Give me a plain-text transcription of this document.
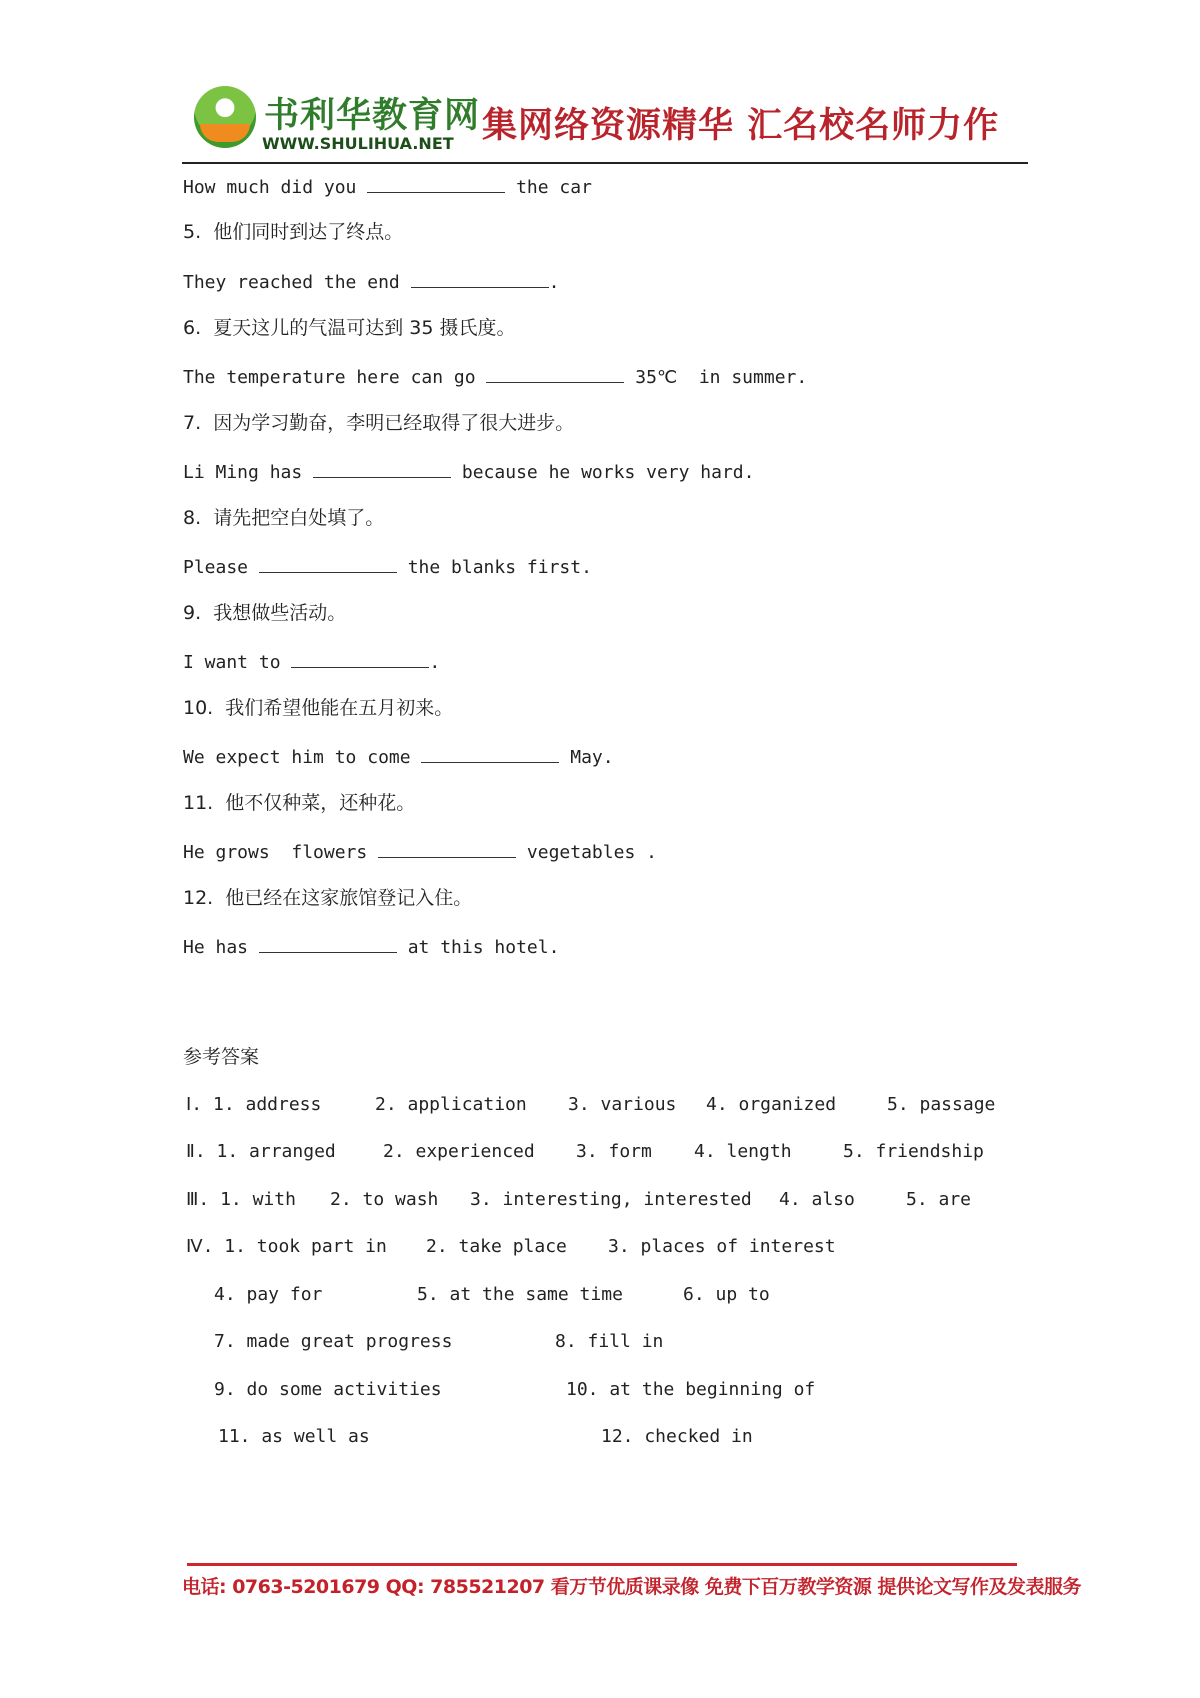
书利华教育网
WWW.SHULIHUA.NET 集网络资源精华 汇名校名师力作
How much did you	the car
5.  他们同时到达了终点。
They reached the end	.
6.  夏天这儿的气温可达到 35 摄氏度。
The temperature here can go	35℃  in summer.
7.  因为学习勤奋，李明已经取得了很大进步。
Li Ming has	because he works very hard.
8.  请先把空白处填了。
Please	the blanks first.
9.  我想做些活动。
I want to	.
10.  我们希望他能在五月初来。
We expect him to come	May.
11.  他不仅种菜，还种花。
He grows  flowers	vegetables .
12.  他已经在这家旅馆登记入住。
He has	at this hotel.
参考答案
Ⅰ. 1. address	2. application 3. various 4. organized	5. passage
Ⅱ. 1. arranged	2. experienced 3. form 4. length	5. friendship
Ⅲ. 1. with 2. to wash 3. interesting, interested 4. also	5. are
Ⅳ. 1. took part in 2. take place 3. places of interest
4. pay for	5. at the same time	6. up to
7. made great progress	8. fill in
9. do some activities	10. at the beginning of
11. as well as	12. checked in
电话: 0763-5201679 QQ: 785521207 看万节优质课录像 免费下百万教学资源 提供论文写作及发表服务
